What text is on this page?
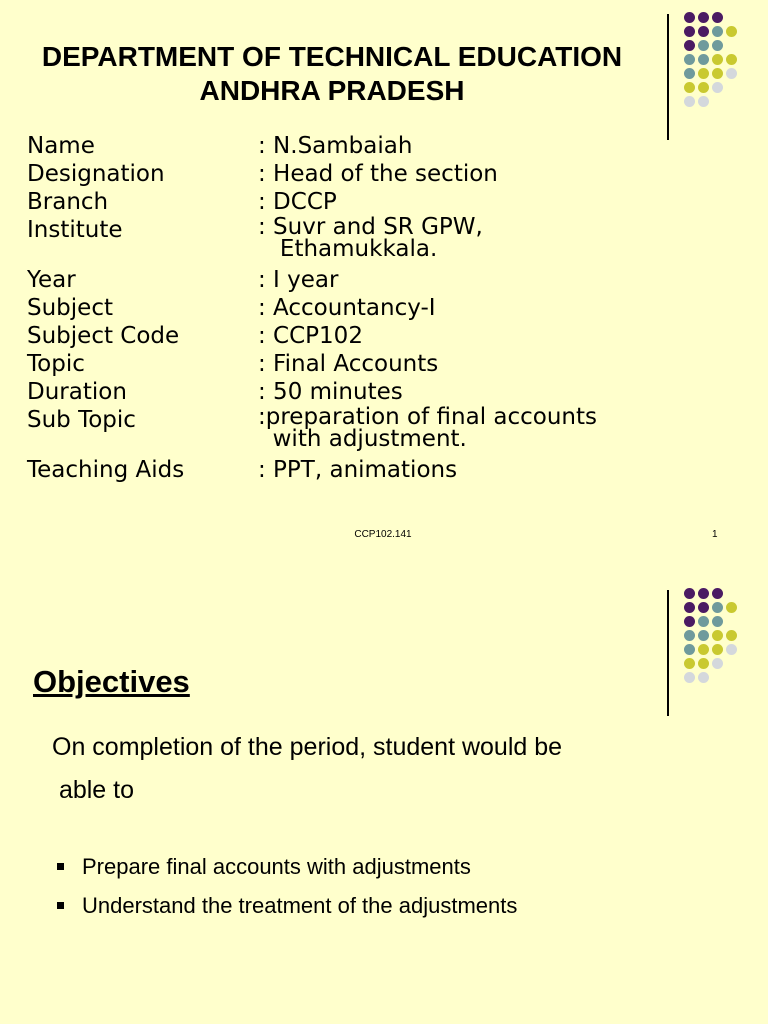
DEPARTMENT OF TECHNICAL EDUCATION
ANDHRA PRADESH
Name	: N.Sambaiah
Designation	: Head of the section
Branch	: DCCP
Institute	: Suvr and SR GPW,
Ethamukkala.
Year	: I year
Subject	: Accountancy-I
Subject Code	: CCP102
Topic	: Final Accounts
Duration	: 50 minutes
Sub Topic	:preparation of final accounts
with adjustment.
Teaching Aids	: PPT, animations
CCP102.141	1
Objectives
On completion of the period, student would be
able to
Prepare final accounts with adjustments
Understand the treatment of the adjustments
